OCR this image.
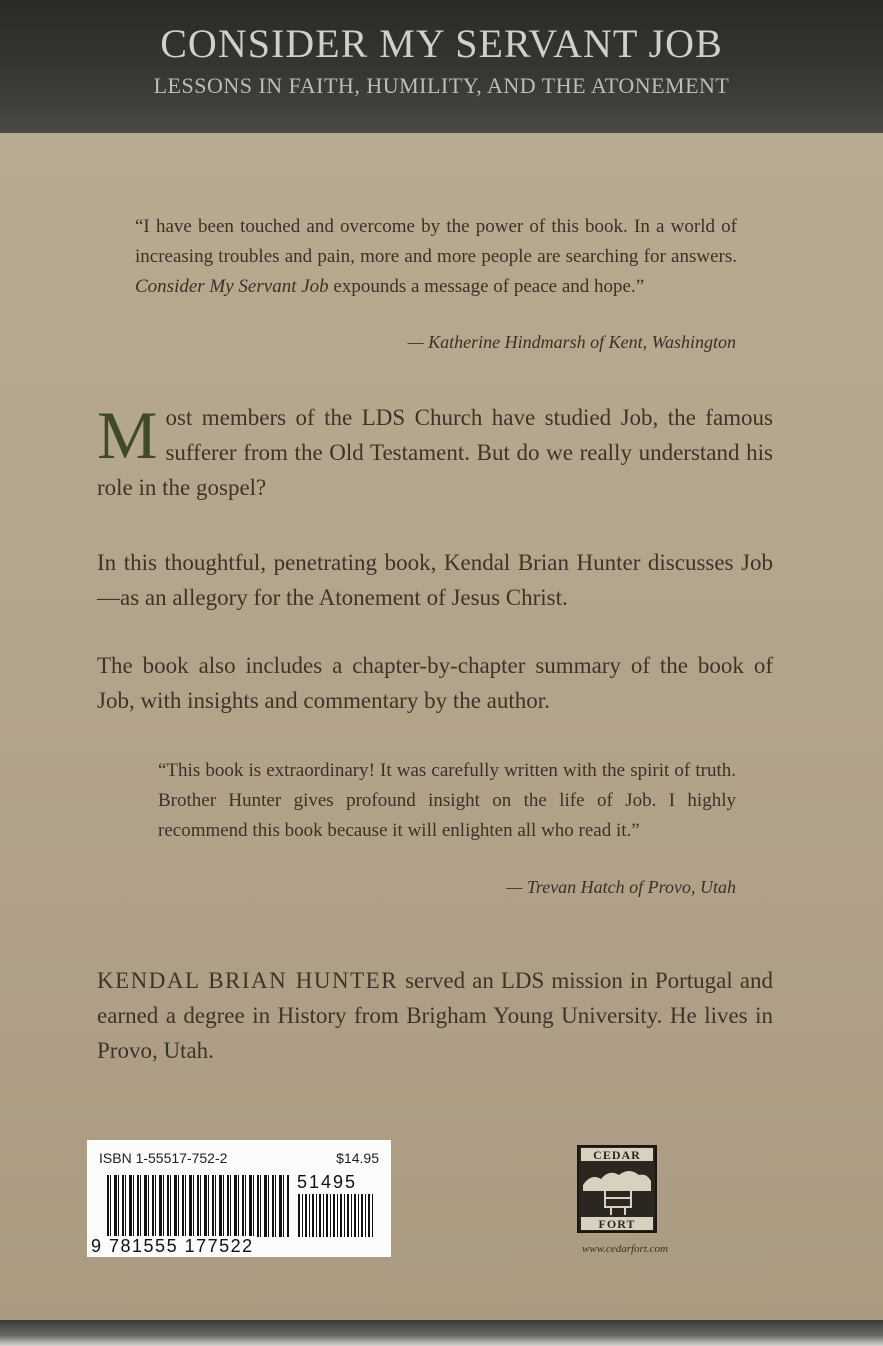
CONSIDER MY SERVANT JOB
LESSONS IN FAITH, HUMILITY, AND THE ATONEMENT
“I have been touched and overcome by the power of this book. In a world of increasing troubles and pain, more and more people are searching for answers. Consider My Servant Job expounds a message of peace and hope.”
— Katherine Hindmarsh of Kent, Washington
Most members of the LDS Church have studied Job, the famous sufferer from the Old Testament. But do we really understand his role in the gospel?
In this thoughtful, penetrating book, Kendal Brian Hunter discusses Job—as an allegory for the Atonement of Jesus Christ.
The book also includes a chapter-by-chapter summary of the book of Job, with insights and commentary by the author.
“This book is extraordinary! It was carefully written with the spirit of truth. Brother Hunter gives profound insight on the life of Job. I highly recommend this book because it will enlighten all who read it.”
— Trevan Hatch of Provo, Utah
KENDAL BRIAN HUNTER served an LDS mission in Portugal and earned a degree in History from Brigham Young University. He lives in Provo, Utah.
ISBN 1-55517-752-2	$14.95
51495
9 781555 177522
CEDAR
FORT
www.cedarfort.com
